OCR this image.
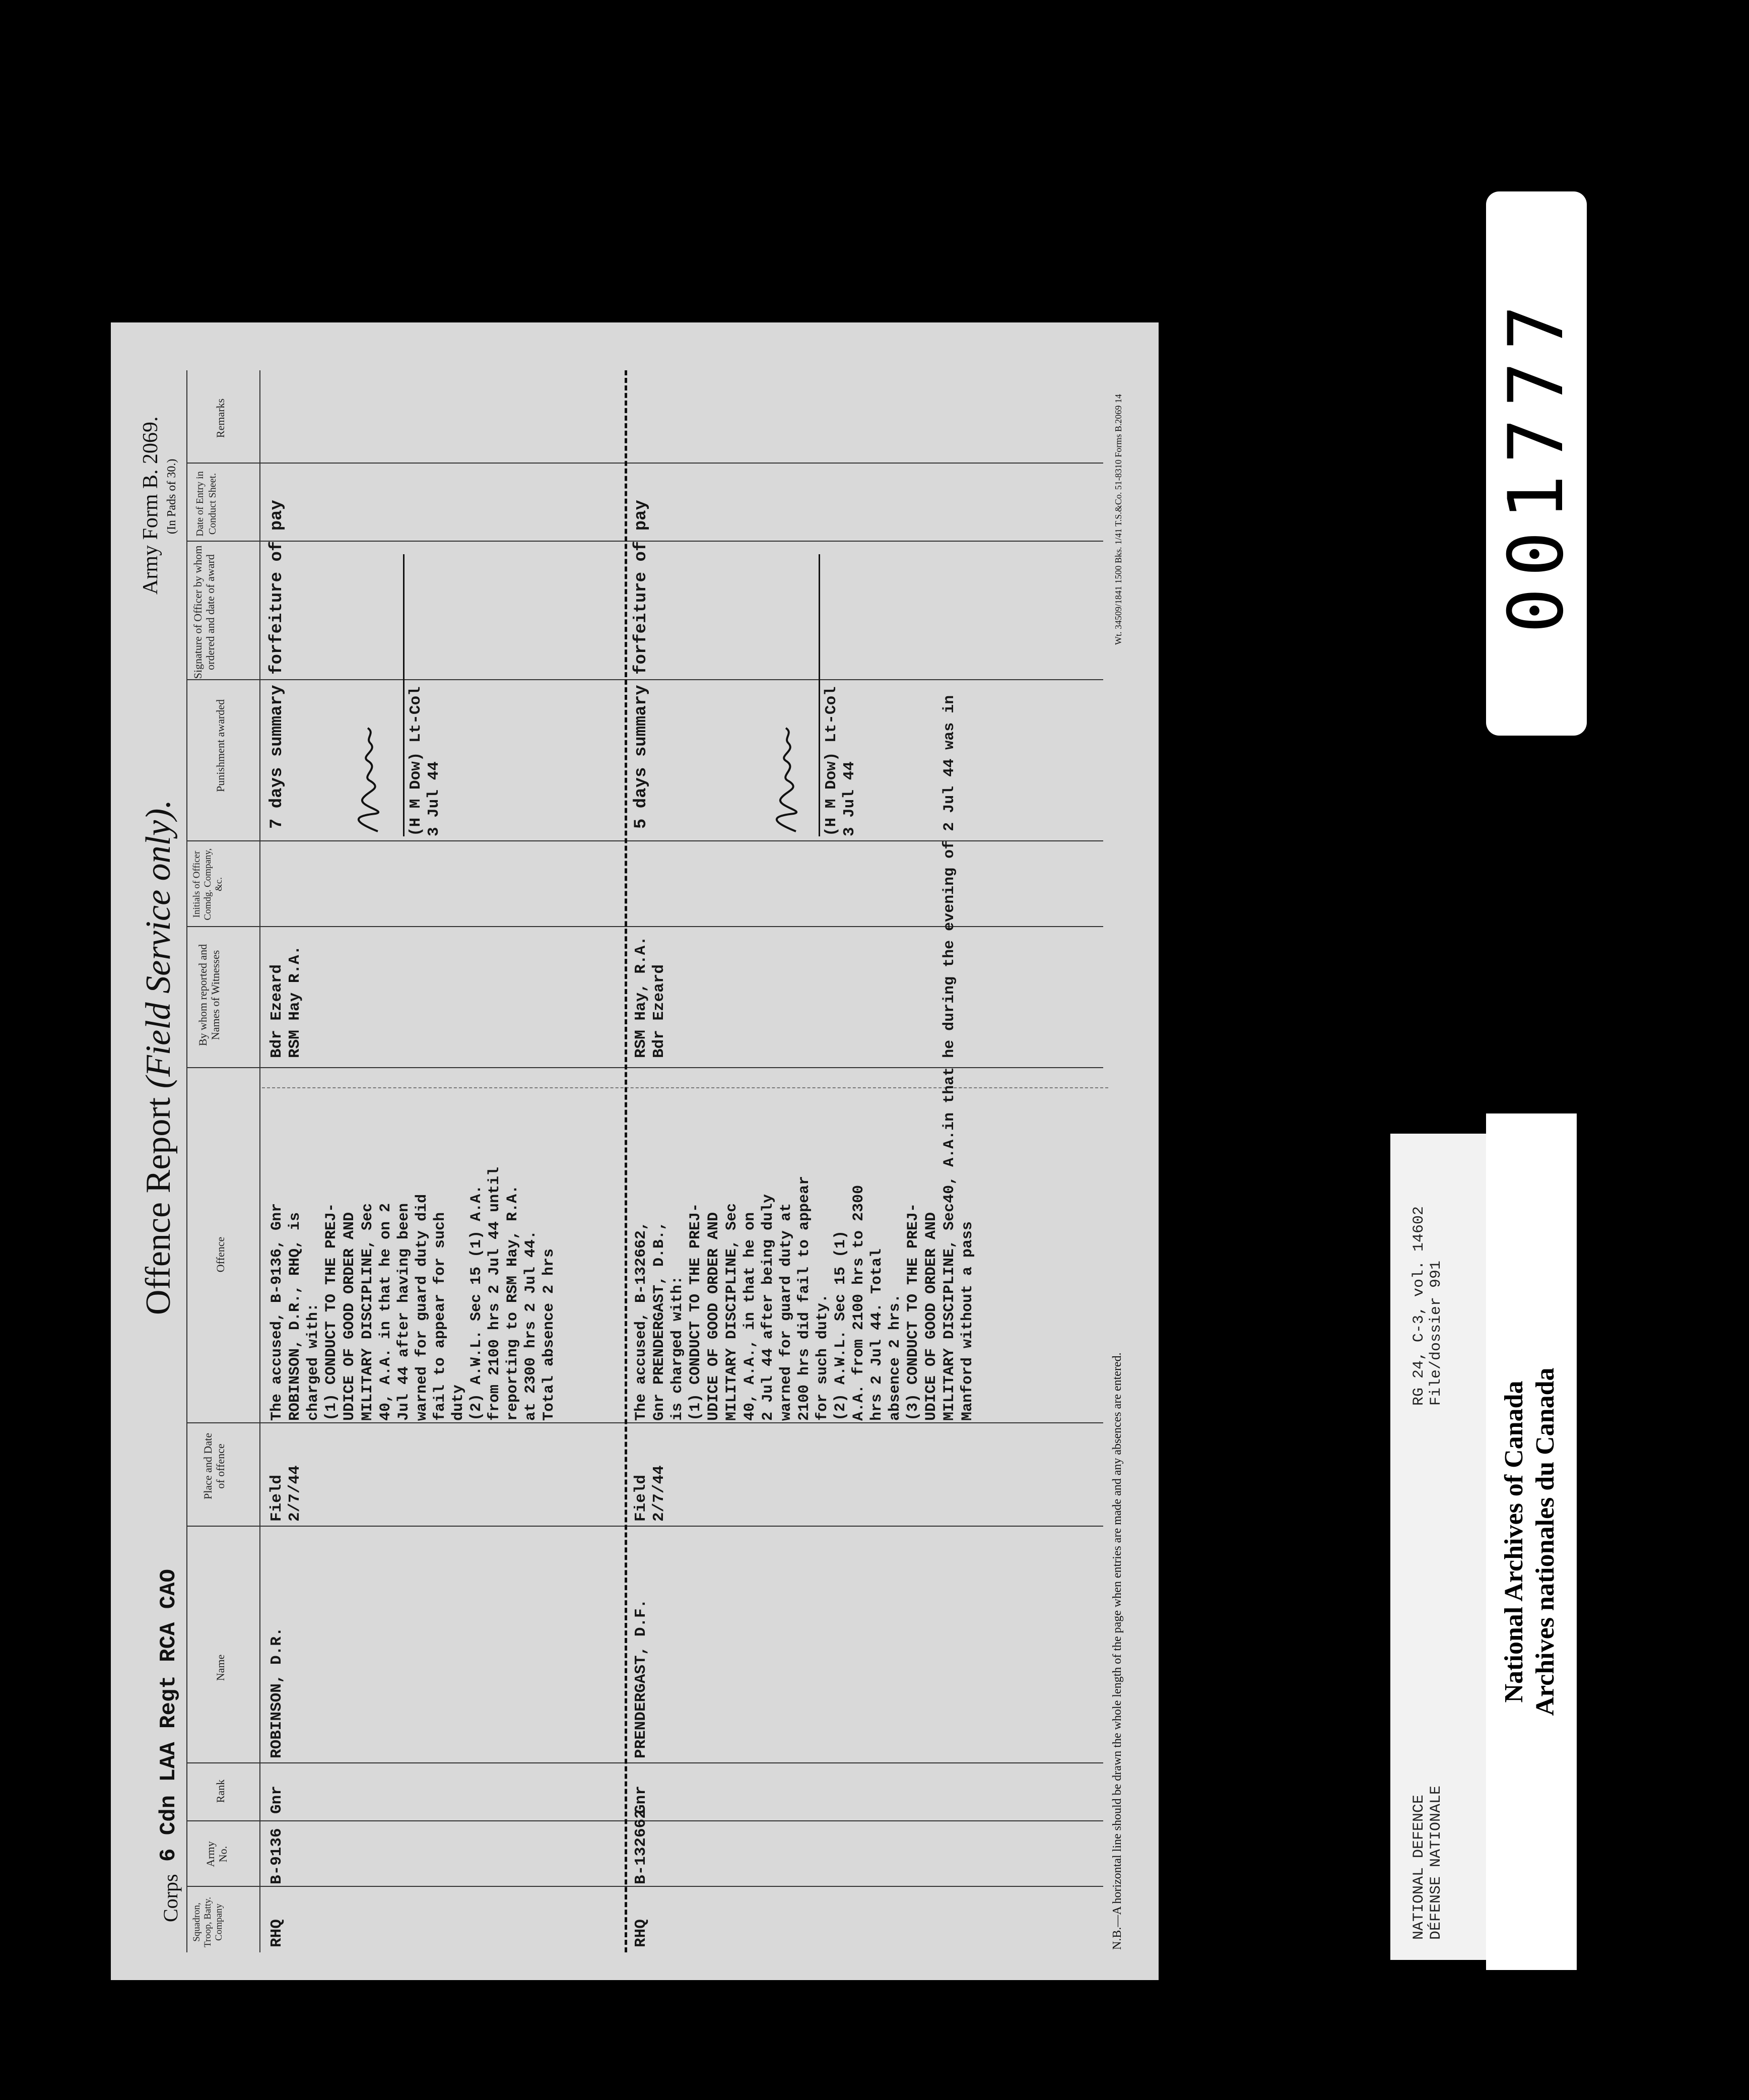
Corps
6 Cdn LAA Regt RCA CAO
Offence Report (Field Service only).
Army Form B. 2069. (In Pads of 30.)
Squadron, Troop, Batty. Company
Army No.
Rank
Name
Place and Date of offence
Offence
By whom reported and Names of Witnesses
Initials of Officer Comdg. Company, &c.
Punishment awarded
Signature of Officer by whom ordered and date of award
Date of Entry in Conduct Sheet.
Remarks
RHQ
B-9136
Gnr
ROBINSON, D.R.
Field 2/7/44
The accused, B-9136, Gnr
ROBINSON, D.R., RHQ, is
charged with:
(1) CONDUCT TO THE PREJ-
UDICE OF GOOD ORDER AND
MILITARY DISCIPLINE, Sec
40, A.A. in that he on 2
Jul 44 after having been
warned for guard duty did
fail to appear for such
duty
(2) A.W.L. Sec 15 (1) A.A.
from 2100 hrs 2 Jul 44 until
reporting to RSM Hay, R.A.
at 2300 hrs 2 Jul 44.
Total absence 2 hrs
Bdr Ezeard
RSM Hay R.A.
7 days summary forfeiture of pay	(H M Dow) Lt-Col 3 Jul 44
RHQ
B-132662
Gnr
PRENDERGAST, D.F.
Field 2/7/44
The accused, B-132662,
Gnr PRENDERGAST, D.B.,
is charged with:
(1) CONDUCT TO THE PREJ-
UDICE OF GOOD ORDER AND
MILITARY DISCIPLINE, Sec
40, A.A., in that he on
2 Jul 44 after being duly
warned for guard duty at
2100 hrs did fail to appear
for such duty.
(2) A.W.L. Sec 15 (1)
A.A. from 2100 hrs to 2300
hrs 2 Jul 44. Total
absence 2 hrs.
(3) CONDUCT TO THE PREJ-
UDICE OF GOOD ORDER AND
MILITARY DISCIPLINE, Sec40, A.A.in that he during the evening of 2 Jul 44 was in
Manford without a pass
RSM Hay, R.A.
Bdr Ezeard
5 days summary forfeiture of pay	(H M Dow) Lt-Col 3 Jul 44
N.B.—A horizontal line should be drawn the whole length of the page when entries are made and any absences are entered.
Wt. 34509/1841 1500 Bks. 1/41 T.S.&Co. 51-8310 Forms B.2069 14
NATIONAL DEFENCE DÉFENSE NATIONALE
RG 24, C-3, vol. 14602 File/dossier 991
National Archives of Canada Archives nationales du Canada
001777
